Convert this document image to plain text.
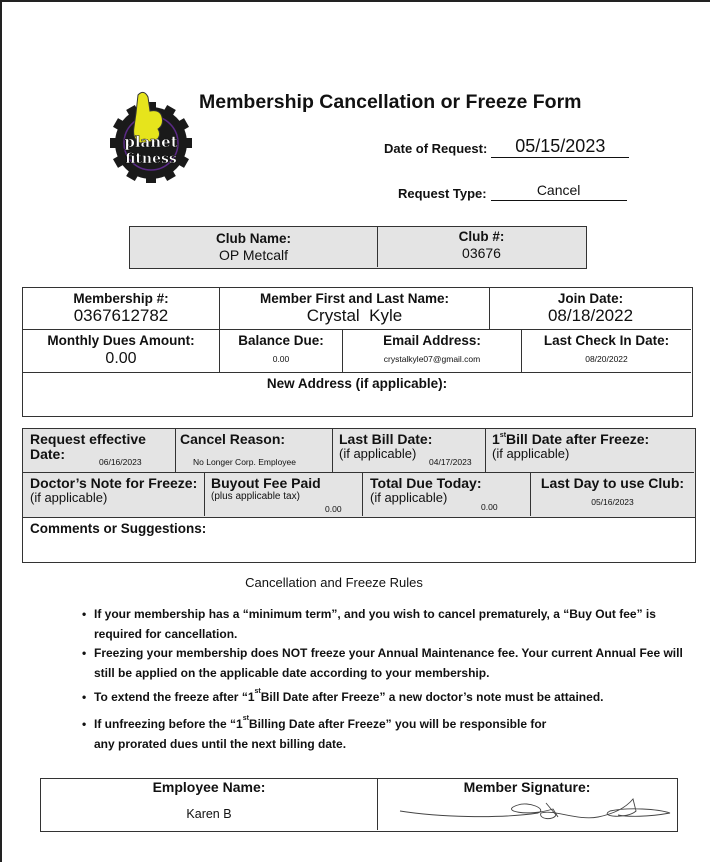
planet
fitness
Membership Cancellation or Freeze Form
Date of Request:	05/15/2023
Request Type:	Cancel
Club Name:
OP Metcalf
Club #:
03676
Membership #:
0367612782
Member First and Last Name:
Crystal  Kyle
Join Date:
08/18/2022
Monthly Dues Amount:
0.00
Balance Due:
0.00
Email Address:
crystalkyle07@gmail.com
Last Check In Date:
08/20/2022
New Address (if applicable):
Request effective
Date:	06/16/2023
Cancel Reason:
No Longer Corp. Employee
Last Bill Date:
(if applicable)
04/17/2023
1stBill Date after Freeze:
(if applicable)
Doctor’s Note for Freeze:
(if applicable)
Buyout Fee Paid
(plus applicable tax)
0.00
Total Due Today:
(if applicable)
0.00
Last Day to use Club:
05/16/2023
Comments or Suggestions:
Cancellation and Freeze Rules
• If your membership has a “minimum term”, and you wish to cancel prematurely, a “Buy Out fee” is required for cancellation.
• Freezing your membership does NOT freeze your Annual Maintenance fee. Your current Annual Fee will still be applied on the applicable date according to your membership.
• To extend the freeze after “1stBill Date after Freeze” a new doctor’s note must be attained.
• If unfreezing before the “1stBilling Date after Freeze” you will be responsible for any prorated dues until the next billing date.
Employee Name:
Karen B
Member Signature:
